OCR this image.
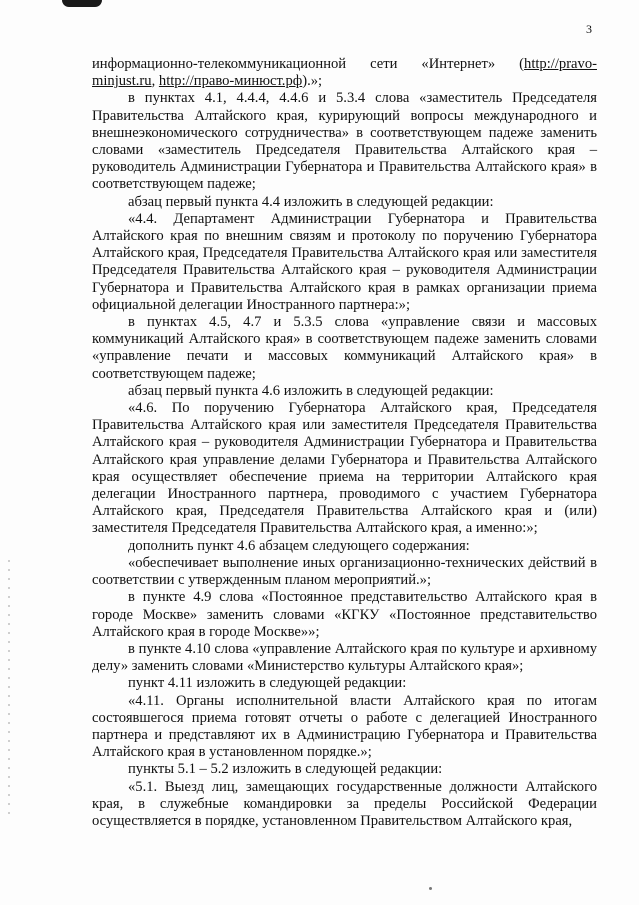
3

информационно-телекоммуникационной сети «Интернет» (http://pravo-minjust.ru, http://право-минюст.рф).»;

в пунктах 4.1, 4.4.4, 4.4.6 и 5.3.4 слова «заместитель Председателя Правительства Алтайского края, курирующий вопросы международного и внешнеэкономического сотрудничества» в соответствующем падеже заменить словами «заместитель Председателя Правительства Алтайского края – руководитель Администрации Губернатора и Правительства Алтайского края» в соответствующем падеже;

абзац первый пункта 4.4 изложить в следующей редакции:

«4.4. Департамент Администрации Губернатора и Правительства Алтайского края по внешним связям и протоколу по поручению Губернатора Алтайского края, Председателя Правительства Алтайского края или заместителя Председателя Правительства Алтайского края – руководителя Администрации Губернатора и Правительства Алтайского края в рамках организации приема официальной делегации Иностранного партнера:»;

в пунктах 4.5, 4.7 и 5.3.5 слова «управление связи и массовых коммуникаций Алтайского края» в соответствующем падеже заменить словами «управление печати и массовых коммуникаций Алтайского края» в соответствующем падеже;

абзац первый пункта 4.6 изложить в следующей редакции:

«4.6. По поручению Губернатора Алтайского края, Председателя Правительства Алтайского края или заместителя Председателя Правительства Алтайского края – руководителя Администрации Губернатора и Правительства Алтайского края управление делами Губернатора и Правительства Алтайского края осуществляет обеспечение приема на территории Алтайского края делегации Иностранного партнера, проводимого с участием Губернатора Алтайского края, Председателя Правительства Алтайского края и (или) заместителя Председателя Правительства Алтайского края, а именно:»;

дополнить пункт 4.6 абзацем следующего содержания:

«обеспечивает выполнение иных организационно-технических действий в соответствии с утвержденным планом мероприятий.»;

в пункте 4.9 слова «Постоянное представительство Алтайского края в городе Москве» заменить словами «КГКУ «Постоянное представительство Алтайского края в городе Москве»»;

в пункте 4.10 слова «управление Алтайского края по культуре и архивному делу» заменить словами «Министерство культуры Алтайского края»;

пункт 4.11 изложить в следующей редакции:

«4.11. Органы исполнительной власти Алтайского края по итогам состоявшегося приема готовят отчеты о работе с делегацией Иностранного партнера и представляют их в Администрацию Губернатора и Правительства Алтайского края в установленном порядке.»;

пункты 5.1 – 5.2 изложить в следующей редакции:

«5.1. Выезд лиц, замещающих государственные должности Алтайского края, в служебные командировки за пределы Российской Федерации осуществляется в порядке, установленном Правительством Алтайского края,
